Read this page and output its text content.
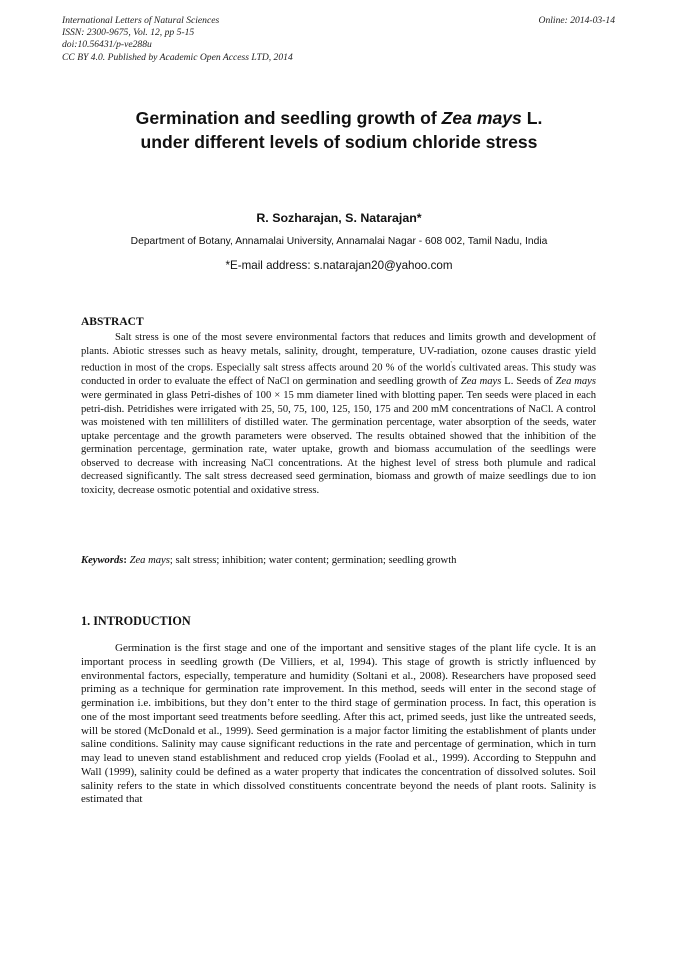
International Letters of Natural Sciences
ISSN: 2300-9675, Vol. 12, pp 5-15
doi:10.56431/p-ve288u
CC BY 4.0. Published by Academic Open Access LTD, 2014
Online: 2014-03-14
Germination and seedling growth of Zea mays L.
under different levels of sodium chloride stress
R. Sozharajan, S. Natarajan*
Department of Botany, Annamalai University, Annamalai Nagar - 608 002, Tamil Nadu, India
*E-mail address: s.natarajan20@yahoo.com
ABSTRACT
Salt stress is one of the most severe environmental factors that reduces and limits growth and development of plants. Abiotic stresses such as heavy metals, salinity, drought, temperature, UV-radiation, ozone causes drastic yield reduction in most of the crops. Especially salt stress affects around 20 % of the world's cultivated areas. This study was conducted in order to evaluate the effect of NaCl on germination and seedling growth of Zea mays L. Seeds of Zea mays were germinated in glass Petri-dishes of 100 × 15 mm diameter lined with blotting paper. Ten seeds were placed in each petri-dish. Petridishes were irrigated with 25, 50, 75, 100, 125, 150, 175 and 200 mM concentrations of NaCl. A control was moistened with ten milliliters of distilled water. The germination percentage, water absorption of the seeds, water uptake percentage and the growth parameters were observed. The results obtained showed that the inhibition of the germination percentage, germination rate, water uptake, growth and biomass accumulation of the seedlings were observed to decrease with increasing NaCl concentrations. At the highest level of stress both plumule and radical decreased significantly. The salt stress decreased seed germination, biomass and growth of maize seedlings due to ion toxicity, decrease osmotic potential and oxidative stress.
Keywords: Zea mays; salt stress; inhibition; water content; germination; seedling growth
1. INTRODUCTION
Germination is the first stage and one of the important and sensitive stages of the plant life cycle. It is an important process in seedling growth (De Villiers, et al, 1994). This stage of growth is strictly influenced by environmental factors, especially, temperature and humidity (Soltani et al., 2008). Researchers have proposed seed priming as a technique for germination rate improvement. In this method, seeds will enter in the second stage of germination i.e. imbibitions, but they don’t enter to the third stage of germination process. In fact, this operation is one of the most important seed treatments before seedling. After this act, primed seeds, just like the untreated seeds, will be stored (McDonald et al., 1999). Seed germination is a major factor limiting the establishment of plants under saline conditions. Salinity may cause significant reductions in the rate and percentage of germination, which in turn may lead to uneven stand establishment and reduced crop yields (Foolad et al., 1999). According to Steppuhn and Wall (1999), salinity could be defined as a water property that indicates the concentration of dissolved solutes. Soil salinity refers to the state in which dissolved constituents concentrate beyond the needs of plant roots. Salinity is estimated that
